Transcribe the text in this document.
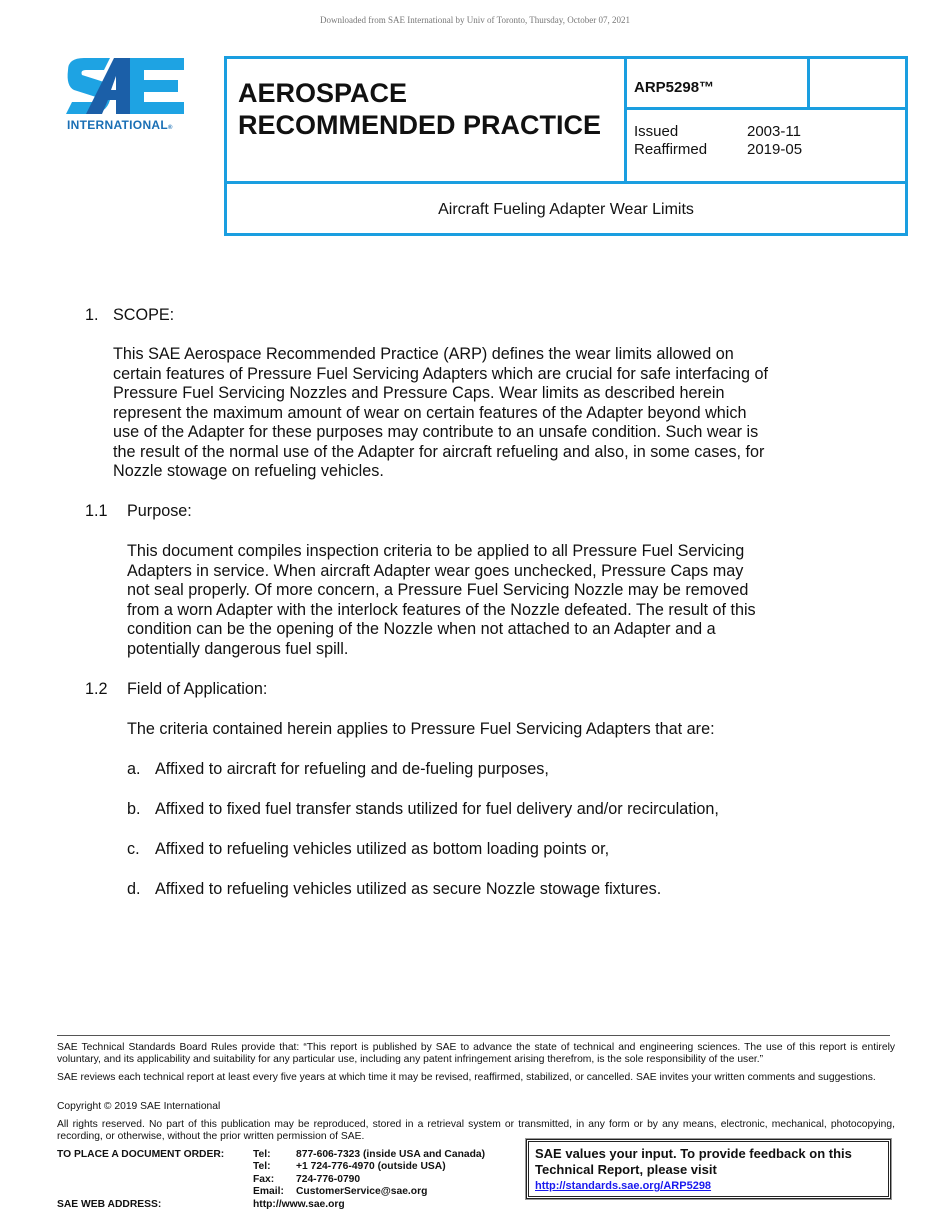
Downloaded from SAE International by Univ of Toronto, Thursday, October 07, 2021
INTERNATIONAL®
AEROSPACE
RECOMMENDED PRACTICE
ARP5298™
Issued	2003-11
Reaffirmed	2019-05
Aircraft Fueling Adapter Wear Limits
1. SCOPE:
This SAE Aerospace Recommended Practice (ARP) defines the wear limits allowed on
certain features of Pressure Fuel Servicing Adapters which are crucial for safe interfacing of
Pressure Fuel Servicing Nozzles and Pressure Caps. Wear limits as described herein
represent the maximum amount of wear on certain features of the Adapter beyond which
use of the Adapter for these purposes may contribute to an unsafe condition. Such wear is
the result of the normal use of the Adapter for aircraft refueling and also, in some cases, for
Nozzle stowage on refueling vehicles.
1.1	Purpose:
This document compiles inspection criteria to be applied to all Pressure Fuel Servicing
Adapters in service. When aircraft Adapter wear goes unchecked, Pressure Caps may
not seal properly. Of more concern, a Pressure Fuel Servicing Nozzle may be removed
from a worn Adapter with the interlock features of the Nozzle defeated. The result of this
condition can be the opening of the Nozzle when not attached to an Adapter and a
potentially dangerous fuel spill.
1.2	Field of Application:
The criteria contained herein applies to Pressure Fuel Servicing Adapters that are:
a. Affixed to aircraft for refueling and de-fueling purposes,
b. Affixed to fixed fuel transfer stands utilized for fuel delivery and/or recirculation,
c. Affixed to refueling vehicles utilized as bottom loading points or,
d. Affixed to refueling vehicles utilized as secure Nozzle stowage fixtures.
SAE Technical Standards Board Rules provide that: “This report is published by SAE to advance the state of technical and engineering sciences. The use of this report is entirely voluntary, and its applicability and suitability for any particular use, including any patent infringement arising therefrom, is the sole responsibility of the user.”
SAE reviews each technical report at least every five years at which time it may be revised, reaffirmed, stabilized, or cancelled. SAE invites your written comments and suggestions.
Copyright © 2019 SAE International
All rights reserved. No part of this publication may be reproduced, stored in a retrieval system or transmitted, in any form or by any means, electronic, mechanical, photocopying, recording, or otherwise, without the prior written permission of SAE.
TO PLACE A DOCUMENT ORDER:	Tel: 877-606-7323 (inside USA and Canada)
Tel: +1 724-776-4970 (outside USA)
Fax: 724-776-0790
Email: CustomerService@sae.org
SAE WEB ADDRESS:	http://www.sae.org
SAE values your input. To provide feedback on this
Technical Report, please visit
http://standards.sae.org/ARP5298
